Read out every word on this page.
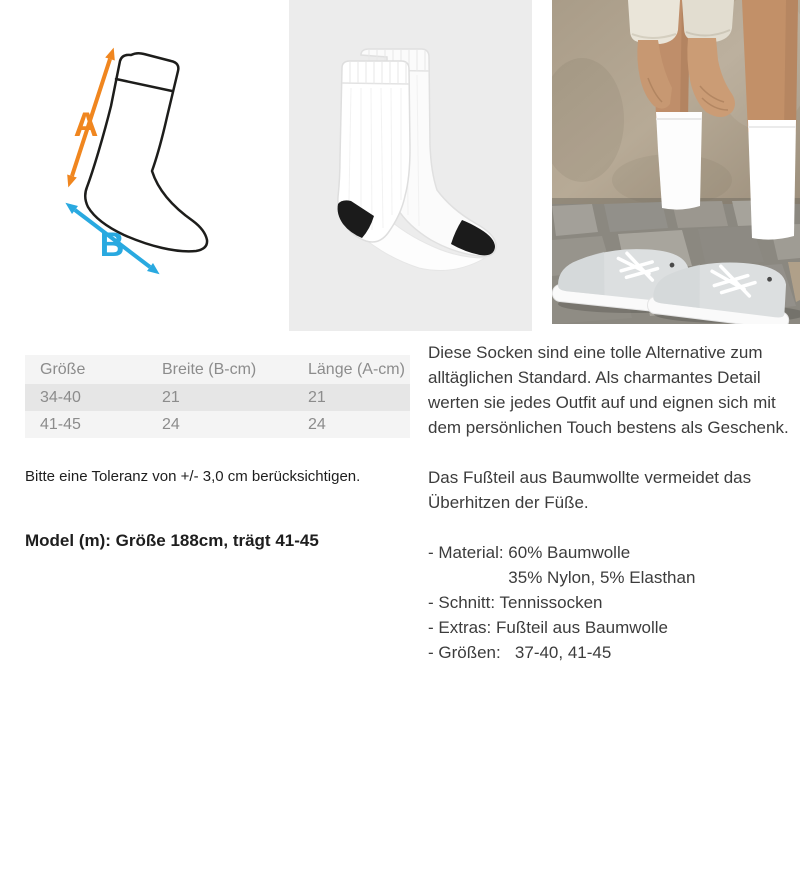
A
B
Größe	Breite (B-cm)	Länge (A-cm)
34-40	21	21
41-45	24	24
Bitte eine Toleranz von +/- 3,0 cm berücksichtigen.
Model (m): Größe 188cm, trägt 41-45

Diese Socken sind eine tolle Alternative zum alltäglichen Standard. Als charmantes Detail werten sie jedes Outfit auf und eignen sich mit dem persönlichen Touch bestens als Geschenk.

Das Fußteil aus Baumwollte vermeidet das Überhitzen der Füße.

- Material: 60% Baumwolle
35% Nylon, 5% Elasthan
- Schnitt: Tennissocken
- Extras: Fußteil aus Baumwolle
- Größen:   37-40, 41-45
